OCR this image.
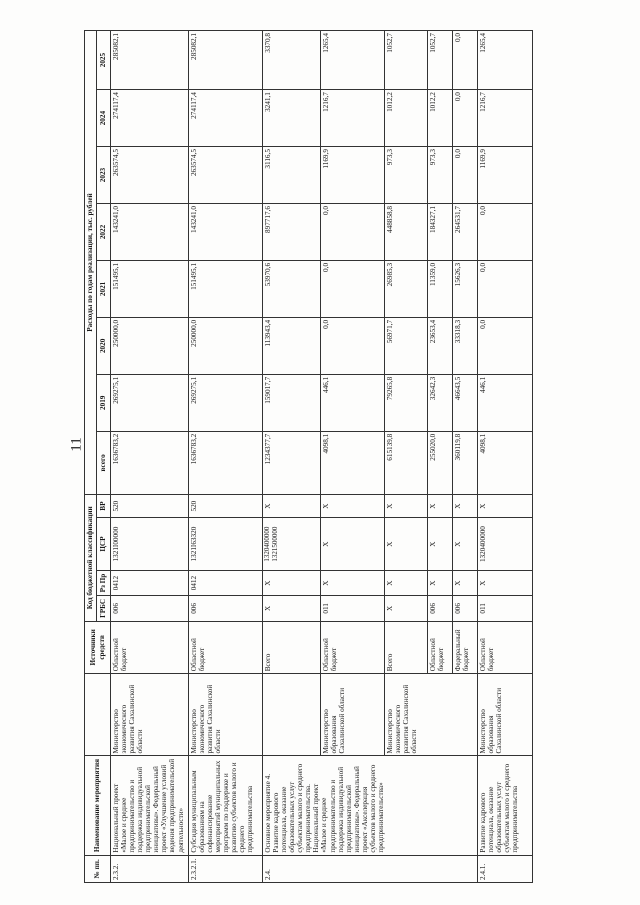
11
№ пп.	Наименование мероприятия		Источники средств	Код бюджетной классификации				Расходы по годам реализации, тыс. рублей							
				ГРБС	Рз Пр	ЦСР	ВР	всего	2019	2020	2021	2022	2023	2024	2025

2.3.2.	Национальный проект «Малое и среднее предпринимательство и поддержка индивидуальной предпринимательской инициативы». Федеральный проект «Улучшение условий ведения предпринимательской деятельности»	Министерство экономического развития Сахалинской области	Областной бюджет	006	0412	1321I00000	520	1636783,2	269275,1	250000,0	151495,1	143241,0	263574,5	274117,4	285082,1
2.3.2.1.	Субсидия муниципальным образованиям на софинансирование мероприятий муниципальных программ по поддержке и развитию субъектов малого и среднего предпринимательства	Министерство экономического развития Сахалинской области	Областной бюджет	006	0412	1321I63320	520	1636783,2	269275,1	250000,0	151495,1	143241,0	263574,5	274117,4	285082,1
2.4.	Основное мероприятие 4. Развитие кадрового потенциала, оказание образовательных услуг субъектам малого и среднего предпринимательства. Национальный проект «Малое и среднее предпринимательство и поддержка индивидуальной предпринимательской инициативы». Федеральный проект «Акселерация субъектов малого и среднего предпринимательства»		Всего	Х	Х	1320400000 1321500000	Х	1234377,7	159017,7	113943,4	53970,6	897717,6	3116,5	3241,1	3370,8
		Министерство образования Сахалинской области	Областной бюджет	011	Х	Х	Х	4098,1	446,1	0,0	0,0	0,0	1169,9	1216,7	1265,4
		Министерство экономического развития Сахалинской области	Всего	Х	Х	Х	Х	615139,8	79265,8	56971,7	26985,3	448858,8	973,3	1012,2	1052,7
			Областной бюджет	006	Х	Х	Х	255020,0	32642,3	23653,4	11359,0	184327,1	973,3	1012,2	1052,7
			Федеральный бюджет	006	Х	Х	Х	360119,8	46643,5	33318,3	15626,3	264531,7	0,0	0,0	0,0
2.4.1.	Развитие кадрового потенциала, оказание образовательных услуг субъектам малого и среднего предпринимательства	Министерство образования Сахалинской области	Областной бюджет	011	Х	1320400000	Х	4098,1	446,1	0,0	0,0	0,0	1169,9	1216,7	1265,4
